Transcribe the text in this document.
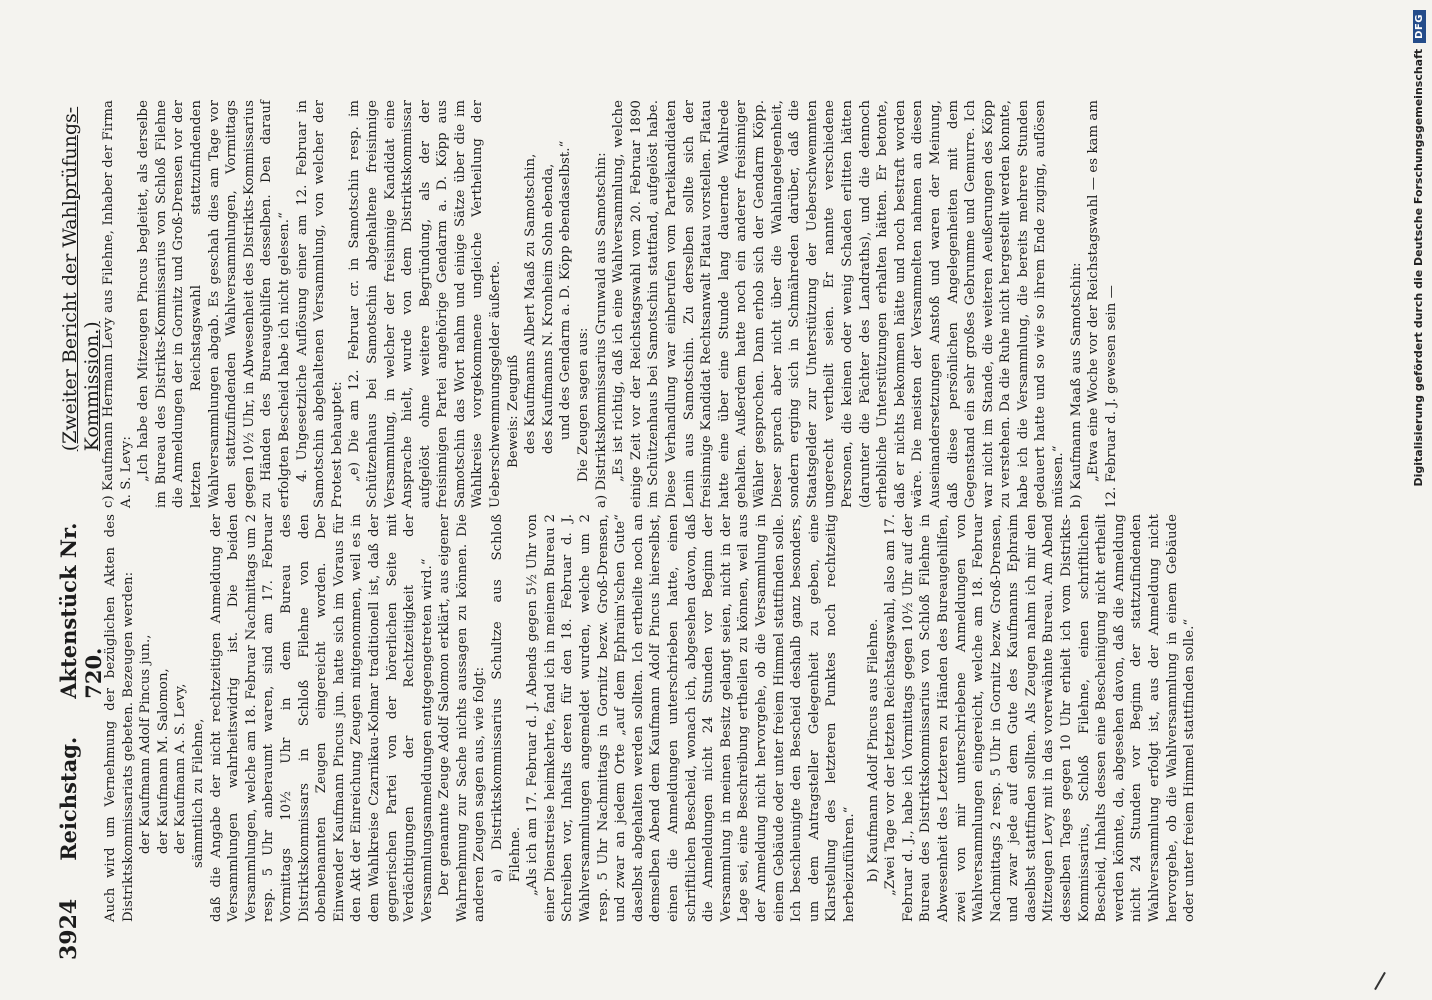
3924
Reichstag.
Aktenstück Nr. 720.
(Zweiter Bericht der Wahlprüfungs-Kommission.)

Auch wird um Vernehmung der bezüglichen Akten des Distriktskommissariats gebeten. Bezeugen werden: der Kaufmann Adolf Pincus jun., der Kaufmann M. Salomon, der Kaufmann A. S. Levy, sämmtlich zu Filehne, daß die Angabe der nicht rechtzeitigen Anmeldung der Versammlungen wahrheitswidrig ist. Die beiden Versammlungen, welche am 18. Februar Nachmittags um 2 resp. 5 Uhr anberaumt waren, sind am 17. Februar Vormittags 10½ Uhr in dem Bureau des Distriktskommissars in Schloß Filehne von den obenbenannten Zeugen eingereicht worden. Der Einwender Kaufmann Pincus jun. hatte sich im Voraus für den Akt der Einreichung Zeugen mitgenommen, weil es in dem Wahlkreise Czarnikau-Kolmar traditionell ist, daß der gegnerischen Partei von der hörerlichen Seite mit Verdächtigungen der Rechtzeitigkeit der Versammlungsanmeldungen entgegengetreten wird.“ Der genannte Zeuge Adolf Salomon erklärt, aus eigener Wahrnehmung zur Sache nichts aussagen zu können. Die anderen Zeugen sagen aus, wie folgt: a) Distriktskommissarius Schultze aus Schloß Filehne. „Als ich am 17. Februar d. J. Abends gegen 5½ Uhr von einer Dienstreise heimkehrte, fand ich in meinem Bureau 2 Schreiben vor, Inhalts deren für den 18. Februar d. J. Wahlversammlungen angemeldet wurden, welche um 2 resp. 5 Uhr Nachmittags in Gornitz bezw. Groß-Drensen, und zwar an jedem Orte „auf dem Ephraim'schen Gute“ daselbst abgehalten werden sollten. Ich ertheilte noch an demselben Abend dem Kaufmann Adolf Pincus hierselbst, einen die Anmeldungen unterschrieben hatte, einen schriftlichen Bescheid, wonach ich, abgesehen davon, daß die Anmeldungen nicht 24 Stunden vor Beginn der Versammlung in meinen Besitz gelangt seien, nicht in der Lage sei, eine Beschreibung ertheilen zu können, weil aus der Anmeldung nicht hervorgehe, ob die Versammlung in einem Gebäude oder unter freiem Himmel stattfinden solle. Ich beschleunigte den Bescheid deshalb ganz besonders, um dem Antragsteller Gelegenheit zu geben, eine Klarstellung des letzteren Punktes noch rechtzeitig herbeizuführen.“ b) Kaufmann Adolf Pincus aus Filehne. „Zwei Tage vor der letzten Reichstagswahl, also am 17. Februar d. J., habe ich Vormittags gegen 10½ Uhr auf der Bureau des Distriktskommissarius von Schloß Filehne in Abwesenheit des Letzteren zu Händen des Bureaugehilfen, zwei von mir unterschriebene Anmeldungen von Wahlversammlungen eingereicht, welche am 18. Februar Nachmittags 2 resp. 5 Uhr in Gornitz bezw. Groß-Drensen, und zwar jede auf dem Gute des Kaufmanns Ephraim daselbst stattfinden sollten. Als Zeugen nahm ich mir den Mitzeugen Levy mit in das vorerwähnte Bureau. Am Abend desselben Tages gegen 10 Uhr erhielt ich vom Distrikts-Kommissarius, Schloß Filehne, einen schriftlichen Bescheid, Inhalts dessen eine Bescheinigung nicht ertheilt werden könnte, da, abgesehen davon, daß die Anmeldung nicht 24 Stunden vor Beginn der stattzufindenden Wahlversammlung erfolgt ist, aus der Anmeldung nicht hervorgehe, ob die Wahlversammlung in einem Gebäude oder unter freiem Himmel stattfinden solle.“

c) Kaufmann Hermann Levy aus Filehne, Inhaber der Firma A. S. Levy: „Ich habe den Mitzeugen Pincus begleitet, als derselbe im Bureau des Distrikts-Kommissarius von Schloß Filehne die Anmeldungen der in Gornitz und Groß-Drensen vor der letzten Reichstagswahl stattzufindenden Wahlversammlungen abgab. Es geschah dies am Tage vor den stattzufindenden Wahlversammlungen, Vormittags gegen 10½ Uhr, in Abwesenheit des Distrikts-Kommissarius zu Händen des Bureaugehilfen desselben. Den darauf erfolgten Bescheid habe ich nicht gelesen.“ 4. Ungesetzliche Auflösung einer am 12. Februar in Samotschin abgehaltenen Versammlung, von welcher der Protest behauptet: „e) Die am 12. Februar cr. in Samotschin resp. im Schützenhaus bei Samotschin abgehaltene freisinnige Versammlung, in welcher der freisinnige Kandidat eine Ansprache hielt, wurde von dem Distriktskommissar aufgelöst ohne weitere Begründung, als der der freisinnigen Partei angehörige Gendarm a. D. Köpp aus Samotschin das Wort nahm und einige Sätze über die im Wahlkreise vorgekommene ungleiche Vertheilung der Ueberschwemmungsgelder äußerte. Beweis: Zeugniß des Kaufmanns Albert Maaß zu Samotschin, des Kaufmanns N. Kronheim Sohn ebenda, und des Gendarm a. D. Köpp ebendaselbst.“ Die Zeugen sagen aus: a) Distriktskommissarius Grunwald aus Samotschin: „Es ist richtig, daß ich eine Wahlversammlung, welche einige Zeit vor der Reichstagswahl vom 20. Februar 1890 im Schützenhaus bei Samotschin stattfand, aufgelöst habe. Diese Verhandlung war einberufen vom Parteikandidaten Lenin aus Samotschin. Zu derselben sollte sich der freisinnige Kandidat Rechtsanwalt Flatau vorstellen. Flatau hatte eine über eine Stunde lang dauernde Wahlrede gehalten. Außerdem hatte noch ein anderer freisinniger Wähler gesprochen. Dann erhob sich der Gendarm Köpp. Dieser sprach aber nicht über die Wahlangelegenheit, sondern erging sich in Schmähreden darüber, daß die Staatsgelder zur Unterstützung der Ueberschwemmten ungerecht vertheilt seien. Er nannte verschiedene Personen, die keinen oder wenig Schaden erlitten hätten (darunter die Pächter des Landraths), und die dennoch erhebliche Unterstützungen erhalten hätten. Er betonte, daß er nichts bekommen hätte und noch bestraft worden wäre. Die meisten der Versammelten nahmen an diesen Auseinandersetzungen Anstoß und waren der Meinung, daß diese persönlichen Angelegenheiten mit dem Gegenstand ein sehr großes Gebrumme und Gemurre. Ich war nicht im Stande, die weiteren Aeußerungen des Köpp zu verstehen. Da die Ruhe nicht hergestellt werden konnte, habe ich die Versammlung, die bereits mehrere Stunden gedauert hatte und so wie so ihrem Ende zuging, auflösen müssen.“ b) Kaufmann Maaß aus Samotschin: „Etwa eine Woche vor der Reichstagswahl — es kam am 12. Februar d. J. gewesen sein —	Digitalisierung gefördert durch die Deutsche ForschungsgemeinschaftDFG
